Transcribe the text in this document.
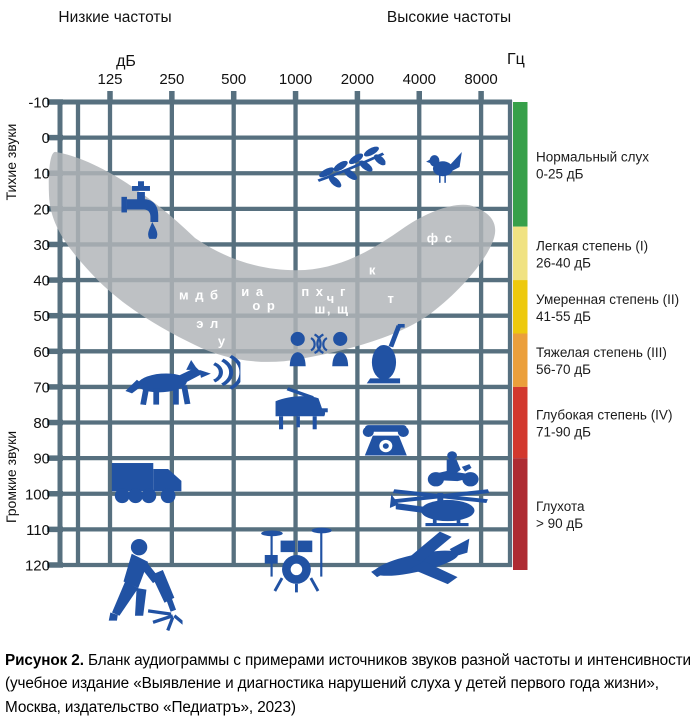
м д б и а
о р
п х ч г
ш, щ
э л
у
к
т
ф с
Нормальный слух
0-25 дБ
Легкая степень (I)
26-40 дБ
Умеренная степень (II)
41-55 дБ
Тяжелая степень (III)
56-70 дБ
Глубокая степень (IV)
71-90 дБ
Глухота
> 90 дБ
125 250 500 1000 2000 4000 8000
-10
0
10
20
30
40
50
60
70
80
90
100
110
120
Низкие частоты	Высокие частоты
дБ	Гц
Тихие звуки
Громкие звуки
Рисунок 2. Бланк аудиограммы с примерами источников звуков разной частоты и интенсивности (учебное издание «Выявление и диагностика нарушений слуха у детей первого года жизни», Москва, издательство «Педиатръ», 2023)
